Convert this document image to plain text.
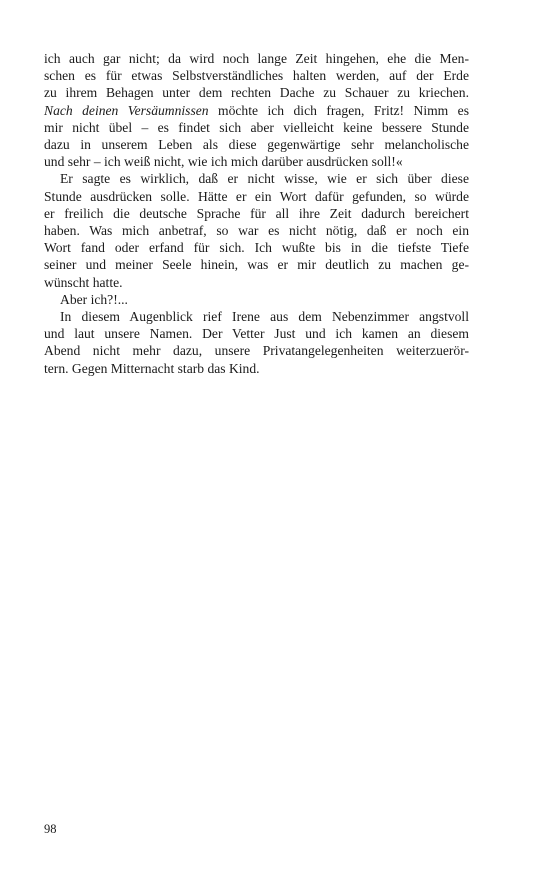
ich auch gar nicht; da wird noch lange Zeit hingehen, ehe die Men-
schen es für etwas Selbstverständliches halten werden, auf der Erde
zu ihrem Behagen unter dem rechten Dache zu Schauer zu kriechen.
Nach deinen Versäumnissen möchte ich dich fragen, Fritz! Nimm es
mir nicht übel – es findet sich aber vielleicht keine bessere Stunde
dazu in unserem Leben als diese gegenwärtige sehr melancholische
und sehr – ich weiß nicht, wie ich mich darüber ausdrücken soll!«
Er sagte es wirklich, daß er nicht wisse, wie er sich über diese
Stunde ausdrücken solle. Hätte er ein Wort dafür gefunden, so würde
er freilich die deutsche Sprache für all ihre Zeit dadurch bereichert
haben. Was mich anbetraf, so war es nicht nötig, daß er noch ein
Wort fand oder erfand für sich. Ich wußte bis in die tiefste Tiefe
seiner und meiner Seele hinein, was er mir deutlich zu machen ge-
wünscht hatte.
Aber ich?!...
In diesem Augenblick rief Irene aus dem Nebenzimmer angstvoll
und laut unsere Namen. Der Vetter Just und ich kamen an diesem
Abend nicht mehr dazu, unsere Privatangelegenheiten weiterzuerör-
tern. Gegen Mitternacht starb das Kind.
98
